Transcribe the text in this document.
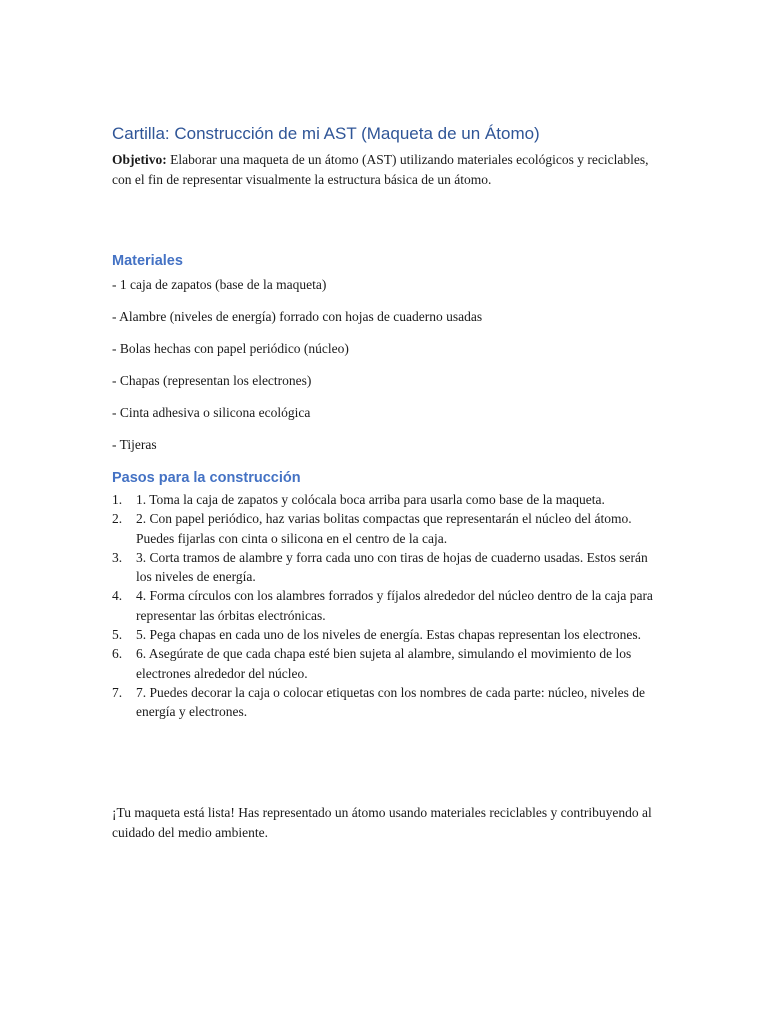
Cartilla: Construcción de mi AST (Maqueta de un Átomo)

Objetivo: Elaborar una maqueta de un átomo (AST) utilizando materiales ecológicos y reciclables, con el fin de representar visualmente la estructura básica de un átomo.

Materiales
- 1 caja de zapatos (base de la maqueta)
- Alambre (niveles de energía) forrado con hojas de cuaderno usadas
- Bolas hechas con papel periódico (núcleo)
- Chapas (representan los electrones)
- Cinta adhesiva o silicona ecológica
- Tijeras
Pasos para la construcción
1. 1. Toma la caja de zapatos y colócala boca arriba para usarla como base de la maqueta.
2. 2. Con papel periódico, haz varias bolitas compactas que representarán el núcleo del átomo. Puedes fijarlas con cinta o silicona en el centro de la caja.
3. 3. Corta tramos de alambre y forra cada uno con tiras de hojas de cuaderno usadas. Estos serán los niveles de energía.
4. 4. Forma círculos con los alambres forrados y fíjalos alrededor del núcleo dentro de la caja para representar las órbitas electrónicas.
5. 5. Pega chapas en cada uno de los niveles de energía. Estas chapas representan los electrones.
6. 6. Asegúrate de que cada chapa esté bien sujeta al alambre, simulando el movimiento de los electrones alrededor del núcleo.
7. 7. Puedes decorar la caja o colocar etiquetas con los nombres de cada parte: núcleo, niveles de energía y electrones.

¡Tu maqueta está lista! Has representado un átomo usando materiales reciclables y contribuyendo al cuidado del medio ambiente.
